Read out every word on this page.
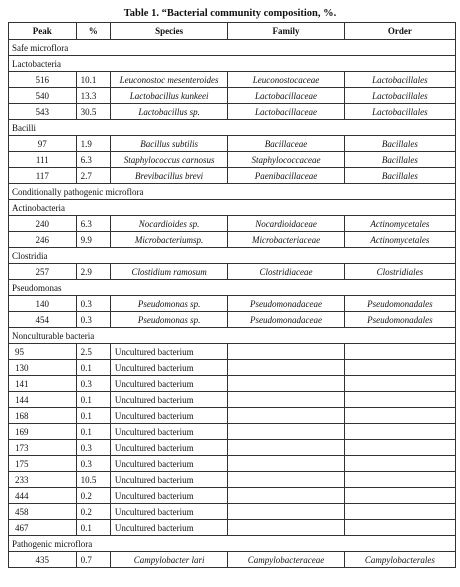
Table 1. “Bacterial community composition, %.
Peak	%	Species	Family	Order
Safe microflora				
Lactobacteria				
516	10.1	Leuconostoc mesenteroides	Leuconostocaceae	Lactobacillales
540	13.3	Lactobacillus kunkeei	Lactobacillaceae	Lactobacillales
543	30.5	Lactobacillus sp.	Lactobacillaceae	Lactobacillales
Bacilli				
97	1.9	Bacillus subtilis	Bacillaceae	Bacillales
111	6.3	Staphylococcus carnosus	Staphylococcaceae	Bacillales
117	2.7	Brevibacillus brevi	Paenibacillaceae	Bacillales
Conditionally pathogenic microflora				
Actinobacteria				
240	6.3	Nocardioides sp.	Nocardioidaceae	Actinomycetales
246	9.9	Microbacteriumsp.	Microbacteriaceae	Actinomycetales
Clostridia				
257	2.9	Clostidium ramosum	Clostridiaceae	Clostridiales
Pseudomonas				
140	0.3	Pseudomonas sp.	Pseudomonadaceae	Pseudomonadales
454	0.3	Pseudomonas sp.	Pseudomonadaceae	Pseudomonadales
Nonculturable bacteria				
95	2.5	Uncultured bacterium		
130	0.1	Uncultured bacterium		
141	0.3	Uncultured bacterium		
144	0.1	Uncultured bacterium		
168	0.1	Uncultured bacterium		
169	0.1	Uncultured bacterium		
173	0.3	Uncultured bacterium		
175	0.3	Uncultured bacterium		
233	10.5	Uncultured bacterium		
444	0.2	Uncultured bacterium		
458	0.2	Uncultured bacterium		
467	0.1	Uncultured bacterium		
Pathogenic microflora				
435	0.7	Campylobacter lari	Campylobacteraceae	Campylobacterales
